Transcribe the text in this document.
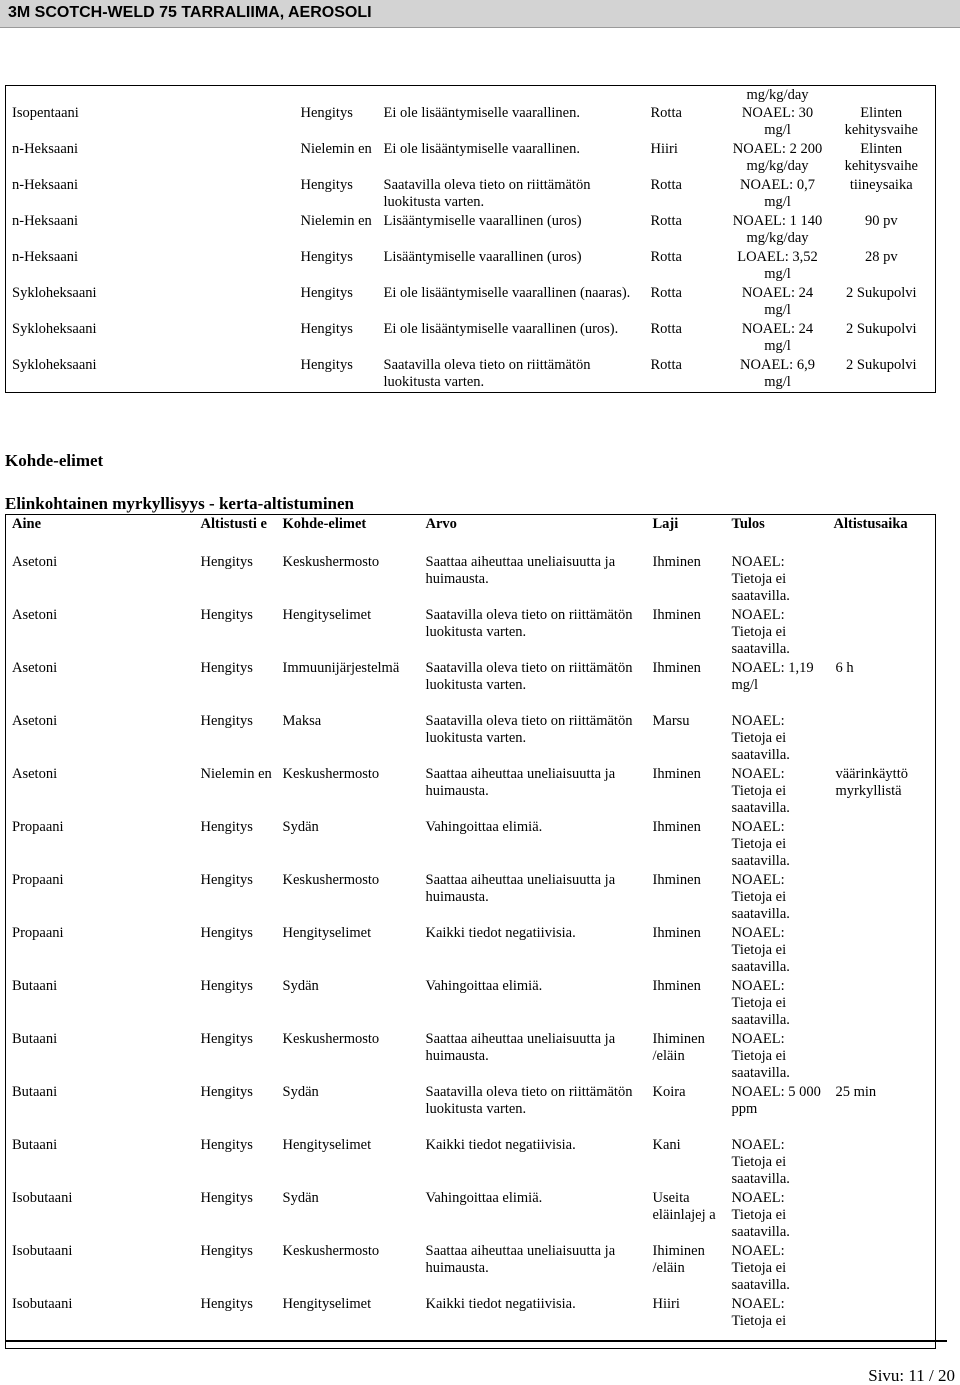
3M SCOTCH-WELD 75 TARRALIIMA, AEROSOLI
				mg/kg/day	
Isopentaani	Hengitys	Ei ole lisääntymiselle vaarallinen.	Rotta	NOAEL: 30 mg/l	Elinten kehitysvaihe
n-Heksaani	Nielemin en	Ei ole lisääntymiselle vaarallinen.	Hiiri	NOAEL: 2 200 mg/kg/day	Elinten kehitysvaihe
n-Heksaani	Hengitys	Saatavilla oleva tieto on riittämätön luokitusta varten.	Rotta	NOAEL: 0,7 mg/l	tiineysaika
n-Heksaani	Nielemin en	Lisääntymiselle vaarallinen (uros)	Rotta	NOAEL: 1 140 mg/kg/day	90 pv
n-Heksaani	Hengitys	Lisääntymiselle vaarallinen (uros)	Rotta	LOAEL: 3,52 mg/l	28 pv
Sykloheksaani	Hengitys	Ei ole lisääntymiselle vaarallinen (naaras).	Rotta	NOAEL: 24 mg/l	2 Sukupolvi
Sykloheksaani	Hengitys	Ei ole lisääntymiselle vaarallinen (uros).	Rotta	NOAEL: 24 mg/l	2 Sukupolvi
Sykloheksaani	Hengitys	Saatavilla oleva tieto on riittämätön luokitusta varten.	Rotta	NOAEL: 6,9 mg/l	2 Sukupolvi
Kohde-elimet
Elinkohtainen myrkyllisyys - kerta-altistuminen
Aine	Altistusti e	Kohde-elimet	Arvo	Laji	Tulos	Altistusaika
Asetoni	Hengitys	Keskushermosto	Saattaa aiheuttaa uneliaisuutta ja huimausta.	Ihminen	NOAEL: Tietoja ei saatavilla.	
Asetoni	Hengitys	Hengityselimet	Saatavilla oleva tieto on riittämätön luokitusta varten.	Ihminen	NOAEL: Tietoja ei saatavilla.	
Asetoni	Hengitys	Immuunijärjestelmä	Saatavilla oleva tieto on riittämätön luokitusta varten.	Ihminen	NOAEL: 1,19 mg/l	6 h
Asetoni	Hengitys	Maksa	Saatavilla oleva tieto on riittämätön luokitusta varten.	Marsu	NOAEL: Tietoja ei saatavilla.	
Asetoni	Nielemin en	Keskushermosto	Saattaa aiheuttaa uneliaisuutta ja huimausta.	Ihminen	NOAEL: Tietoja ei saatavilla.	väärinkäyttö myrkyllistä
Propaani	Hengitys	Sydän	Vahingoittaa elimiä.	Ihminen	NOAEL: Tietoja ei saatavilla.	
Propaani	Hengitys	Keskushermosto	Saattaa aiheuttaa uneliaisuutta ja huimausta.	Ihminen	NOAEL: Tietoja ei saatavilla.	
Propaani	Hengitys	Hengityselimet	Kaikki tiedot negatiivisia.	Ihminen	NOAEL: Tietoja ei saatavilla.	
Butaani	Hengitys	Sydän	Vahingoittaa elimiä.	Ihminen	NOAEL: Tietoja ei saatavilla.	
Butaani	Hengitys	Keskushermosto	Saattaa aiheuttaa uneliaisuutta ja huimausta.	Ihiminen /eläin	NOAEL: Tietoja ei saatavilla.	
Butaani	Hengitys	Sydän	Saatavilla oleva tieto on riittämätön luokitusta varten.	Koira	NOAEL: 5 000 ppm	25 min
Butaani	Hengitys	Hengityselimet	Kaikki tiedot negatiivisia.	Kani	NOAEL: Tietoja ei saatavilla.	
Isobutaani	Hengitys	Sydän	Vahingoittaa elimiä.	Useita eläinlajej a	NOAEL: Tietoja ei saatavilla.	
Isobutaani	Hengitys	Keskushermosto	Saattaa aiheuttaa uneliaisuutta ja huimausta.	Ihiminen /eläin	NOAEL: Tietoja ei saatavilla.	
Isobutaani	Hengitys	Hengityselimet	Kaikki tiedot negatiivisia.	Hiiri	NOAEL: Tietoja ei	
Sivu: 11 / 20
